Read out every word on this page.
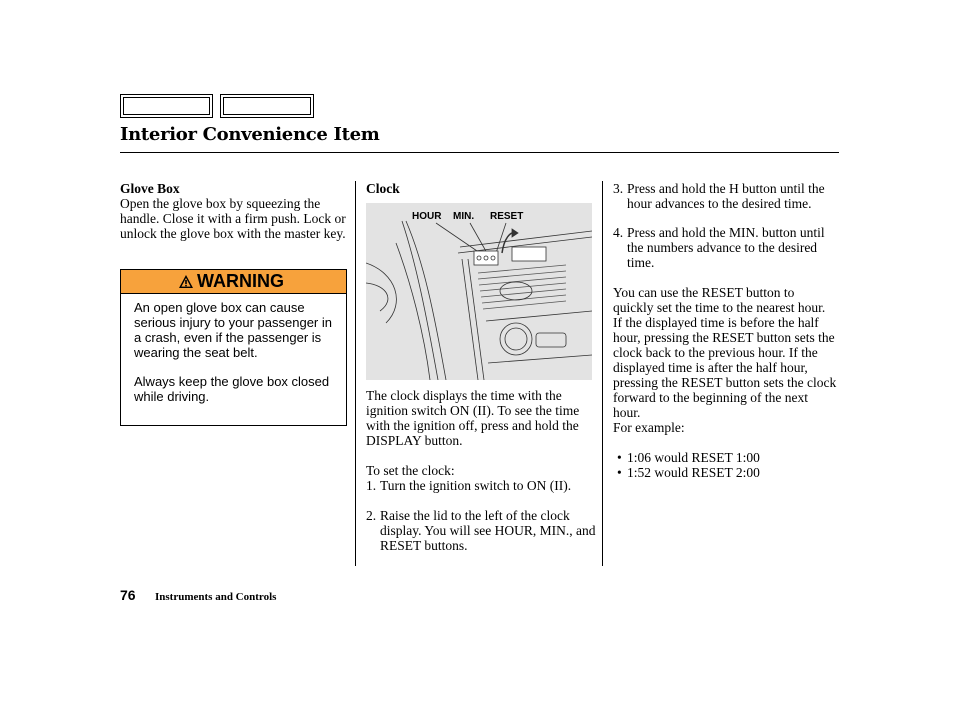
Interior Convenience Item
Glove Box

Open the glove box by squeezing the handle. Close it with a firm push. Lock or unlock the glove box with the master key.

WARNING

An open glove box can cause serious injury to your passenger in a crash, even if the passenger is wearing the seat belt.

Always keep the glove box closed while driving.

Clock
HOUR MIN. RESET

The clock displays the time with the ignition switch ON (II). To see the time with the ignition off, press and hold the DISPLAY button.

To set the clock:

1. Turn the ignition switch to ON (II).
2. Raise the lid to the left of the clock display. You will see HOUR, MIN., and RESET buttons.
3. Press and hold the H button until the hour advances to the desired time.
4. Press and hold the MIN. button until the numbers advance to the desired time.

You can use the RESET button to quickly set the time to the nearest hour. If the displayed time is before the half hour, pressing the RESET button sets the clock back to the previous hour. If the displayed time is after the half hour, pressing the RESET button sets the clock forward to the beginning of the next hour.

For example:

• 1:06 would RESET 1:00
• 1:52 would RESET 2:00
76 Instruments and Controls
